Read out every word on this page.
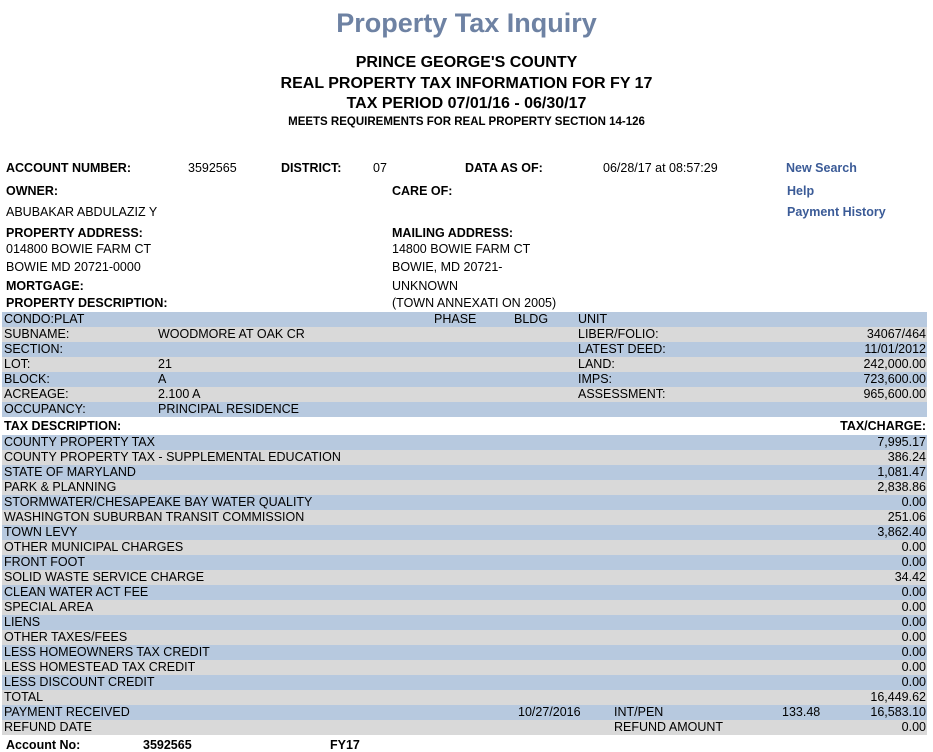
Property Tax Inquiry
PRINCE GEORGE'S COUNTY
REAL PROPERTY TAX INFORMATION FOR FY 17
TAX PERIOD 07/01/16 - 06/30/17
MEETS REQUIREMENTS FOR REAL PROPERTY SECTION 14-126
ACCOUNT NUMBER:	3592565	DISTRICT:	07	DATA AS OF:	06/28/17 at 08:57:29	New Search
OWNER:	CARE OF:	Help
ABUBAKAR ABDULAZIZ Y	Payment History
PROPERTY ADDRESS:	MAILING ADDRESS:
014800 BOWIE FARM CT	14800 BOWIE FARM CT
BOWIE MD 20721-0000	BOWIE, MD 20721-
MORTGAGE:	UNKNOWN
PROPERTY DESCRIPTION:	(TOWN ANNEXATI ON 2005)
CONDO:PLAT	PHASE	BLDG UNIT
SUBNAME:	WOODMORE AT OAK CR	LIBER/FOLIO:	34067/464
SECTION:	LATEST DEED:	11/01/2012
LOT:	21	LAND:	242,000.00
BLOCK:	A	IMPS:	723,600.00
ACREAGE:	2.100 A	ASSESSMENT:	965,600.00
OCCUPANCY:	PRINCIPAL RESIDENCE
TAX DESCRIPTION:	TAX/CHARGE:
COUNTY PROPERTY TAX	7,995.17
COUNTY PROPERTY TAX - SUPPLEMENTAL EDUCATION	386.24
STATE OF MARYLAND	1,081.47
PARK & PLANNING	2,838.86
STORMWATER/CHESAPEAKE BAY WATER QUALITY	0.00
WASHINGTON SUBURBAN TRANSIT COMMISSION	251.06
TOWN LEVY	3,862.40
OTHER MUNICIPAL CHARGES	0.00
FRONT FOOT	0.00
SOLID WASTE SERVICE CHARGE	34.42
CLEAN WATER ACT FEE	0.00
SPECIAL AREA	0.00
LIENS	0.00
OTHER TAXES/FEES	0.00
LESS HOMEOWNERS TAX CREDIT	0.00
LESS HOMESTEAD TAX CREDIT	0.00
LESS DISCOUNT CREDIT	0.00
TOTAL	16,449.62
PAYMENT RECEIVED	10/27/2016	INT/PEN	133.48	16,583.10
REFUND DATE	REFUND AMOUNT	0.00
Account No:	3592565	FY17
